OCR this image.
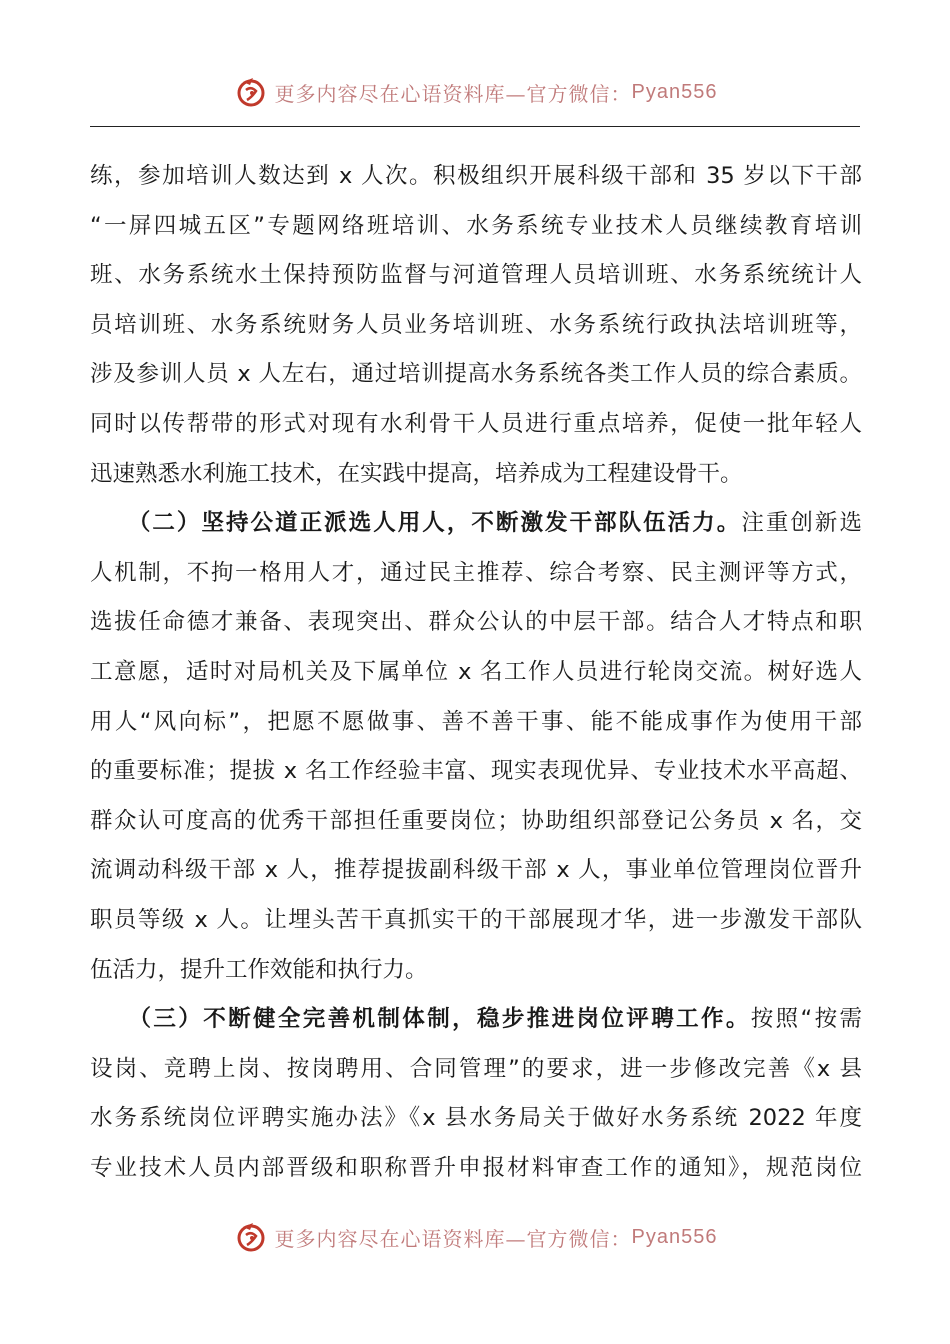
更多内容尽在心语资料库—官方微信： Pyan556

练，参加培训人数达到 x 人次。积极组织开展科级干部和 35 岁以下干部
“一屏四城五区”专题网络班培训、水务系统专业技术人员继续教育培训
班、水务系统水土保持预防监督与河道管理人员培训班、水务系统统计人
员培训班、水务系统财务人员业务培训班、水务系统行政执法培训班等，
涉及参训人员 x 人左右，通过培训提高水务系统各类工作人员的综合素质。
同时以传帮带的形式对现有水利骨干人员进行重点培养，促使一批年轻人
迅速熟悉水利施工技术，在实践中提高，培养成为工程建设骨干。

　　（二）坚持公道正派选人用人，不断激发干部队伍活力。注重创新选
人机制，不拘一格用人才，通过民主推荐、综合考察、民主测评等方式，
选拔任命德才兼备、表现突出、群众公认的中层干部。结合人才特点和职
工意愿，适时对局机关及下属单位 x 名工作人员进行轮岗交流。树好选人
用人“风向标”，把愿不愿做事、善不善干事、能不能成事作为使用干部
的重要标准；提拔 x 名工作经验丰富、现实表现优异、专业技术水平高超、
群众认可度高的优秀干部担任重要岗位；协助组织部登记公务员 x 名，交
流调动科级干部 x 人，推荐提拔副科级干部 x 人，事业单位管理岗位晋升
职员等级 x 人。让埋头苦干真抓实干的干部展现才华，进一步激发干部队
伍活力，提升工作效能和执行力。

　　（三）不断健全完善机制体制，稳步推进岗位评聘工作。按照“按需
设岗、竞聘上岗、按岗聘用、合同管理”的要求，进一步修改完善《x 县
水务系统岗位评聘实施办法》《x 县水务局关于做好水务系统 2022 年度
专业技术人员内部晋级和职称晋升申报材料审查工作的通知》，规范岗位

更多内容尽在心语资料库—官方微信： Pyan556
